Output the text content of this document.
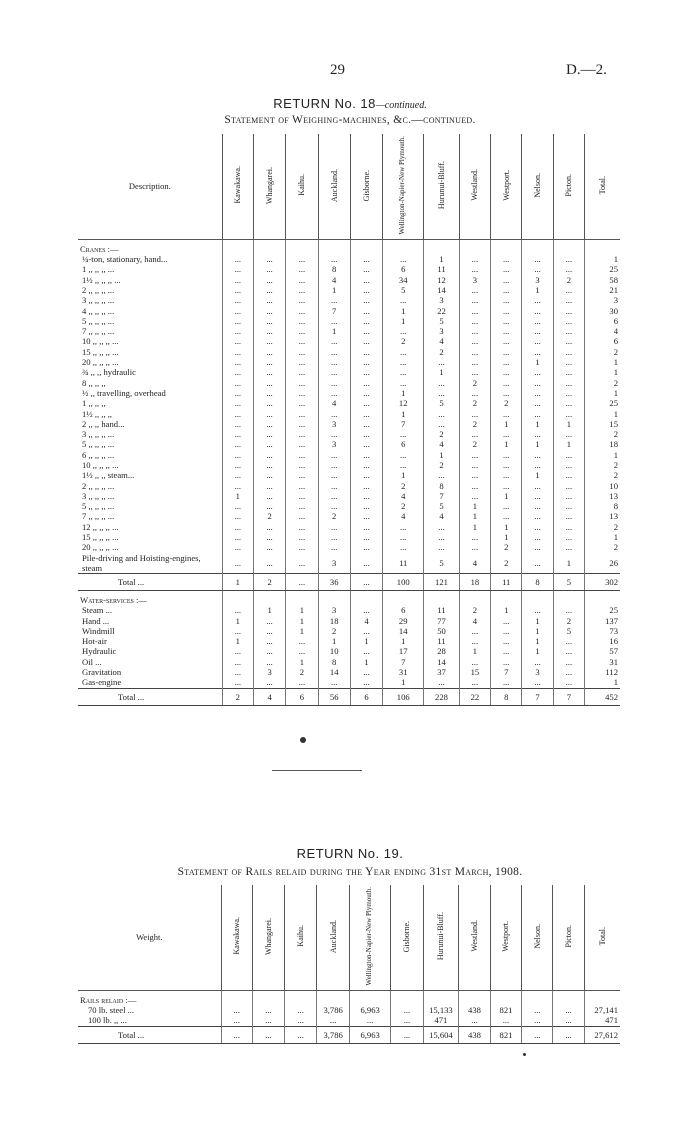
29	D.—2.
RETURN No. 18—continued.
Statement of Weighing-machines, &c.—continued.
Description.	Kawakawa.	Whangarei.	Kaihu.	Auckland.	Gisborne.	Wellington-Napier-New Plymouth.	Hurunui-Bluff.	Westland.	Westport.	Nelson.	Picton.	Total.
Cranes :—												
¼-ton, stationary, hand...	...	...	...	...	...	...	1	...	...	...	...	1
1 ,, ,, ,, ...	...	...	...	8	...	6	11	...	...	...	...	25
1½ ,, ,, ,, ...	...	...	...	4	...	34	12	3	...	3	2	58
2 ,, ,, ,, ...	...	...	...	1	...	5	14	...	...	1	...	21
3 ,, ,, ,, ...	...	...	...	...	...	...	3	...	...	...	...	3
4 ,, ,, ,, ...	...	...	...	7	...	1	22	...	...	...	...	30
5 ,, ,, ,, ...	...	...	...	...	...	1	5	...	...	...	...	6
7 ,, ,, ,, ...	...	...	...	1	...	...	3	...	...	...	...	4
10 ,, ,, ,, ...	...	...	...	...	...	2	4	...	...	...	...	6
15 ,, ,, ,, ...	...	...	...	...	...	...	2	...	...	...	...	2
20 ,, ,, ,, ...	...	...	...	...	...	...	...	...	...	1	...	1
¾ ,, ,, hydraulic	...	...	...	...	...	...	1	...	...	...	...	1
8 ,, ,, ,,	...	...	...	...	...	...	...	2	...	...	...	2
½ ,, travelling, overhead	...	...	...	...	...	1	...	...	...	...	...	1
1 ,, ,, ,,	...	...	...	4	...	12	5	2	2	...	...	25
1½ ,, ,, ,,	...	...	...	...	...	1	...	...	...	...	...	1
2 ,, ,, hand...	...	...	...	3	...	7	...	2	1	1	1	15
3 ,, ,, ,, ...	...	...	...	...	...	...	2	...	...	...	...	2
5 ,, ,, ,, ...	...	...	...	3	...	6	4	2	1	1	1	18
6 ,, ,, ,, ...	...	...	...	...	...	...	1	...	...	...	...	1
10 ,, ,, ,, ...	...	...	...	...	...	...	2	...	...	...	...	2
1½ ,, ,, steam...	...	...	...	...	...	1	...	...	...	1	...	2
2 ,, ,, ,, ...	...	...	...	...	...	2	8	...	...	...	...	10
3 ,, ,, ,, ...	1	...	...	...	...	4	7	...	1	...	...	13
5 ,, ,, ,, ...	...	...	...	...	...	2	5	1	...	...	...	8
7 ,, ,, ,, ...	...	2	...	2	...	4	4	1	...	...	...	13
12 ,, ,, ,, ...	...	...	...	...	...	...	...	1	1	...	...	2
15 ,, ,, ,, ...	...	...	...	...	...	...	...	...	1	...	...	1
20 ,, ,, ,, ...	...	...	...	...	...	...	...	...	2	...	...	2
Pile-driving and Hoisting-engines, steam	...	...	...	3	...	11	5	4	2	...	1	26
Total ...	1	2	...	36	...	100	121	18	11	8	5	302
Water-services :—												
Steam ...	...	1	1	3	...	6	11	2	1	...	...	25
Hand ...	1	...	1	18	4	29	77	4	...	1	2	137
Windmill	...	...	1	2	...	14	50	...	...	1	5	73
Hot-air	1	...	...	1	1	1	11	...	...	1	...	16
Hydraulic	...	...	...	10	...	17	28	1	...	1	...	57
Oil ...	...	...	1	8	1	7	14	...	...	...	...	31
Gravitation	...	3	2	14	...	31	37	15	7	3	...	112
Gas-engine	...	...	...	...	...	1	...	...	...	...	...	1
Total ...	2	4	6	56	6	106	228	22	8	7	7	452
RETURN No. 19.
Statement of Rails relaid during the Year ending 31st March, 1908.
Weight.	Kawakawa.	Whangarei.	Kaihu.	Auckland.	Wellington-Napier-New Plymouth.	Gisborne.	Hurunui-Bluff.	Westland.	Westport.	Nelson.	Picton.	Total.
Rails relaid :—												
70 lb. steel ...	...	...	...	3,786	6,963	...	15,133	438	821	...	...	27,141
100 lb. ,, ...	...	...	...	...	...	...	471	...	...	...	...	471
Total ...	...	...	...	3,786	6,963	...	15,604	438	821	...	...	27,612
